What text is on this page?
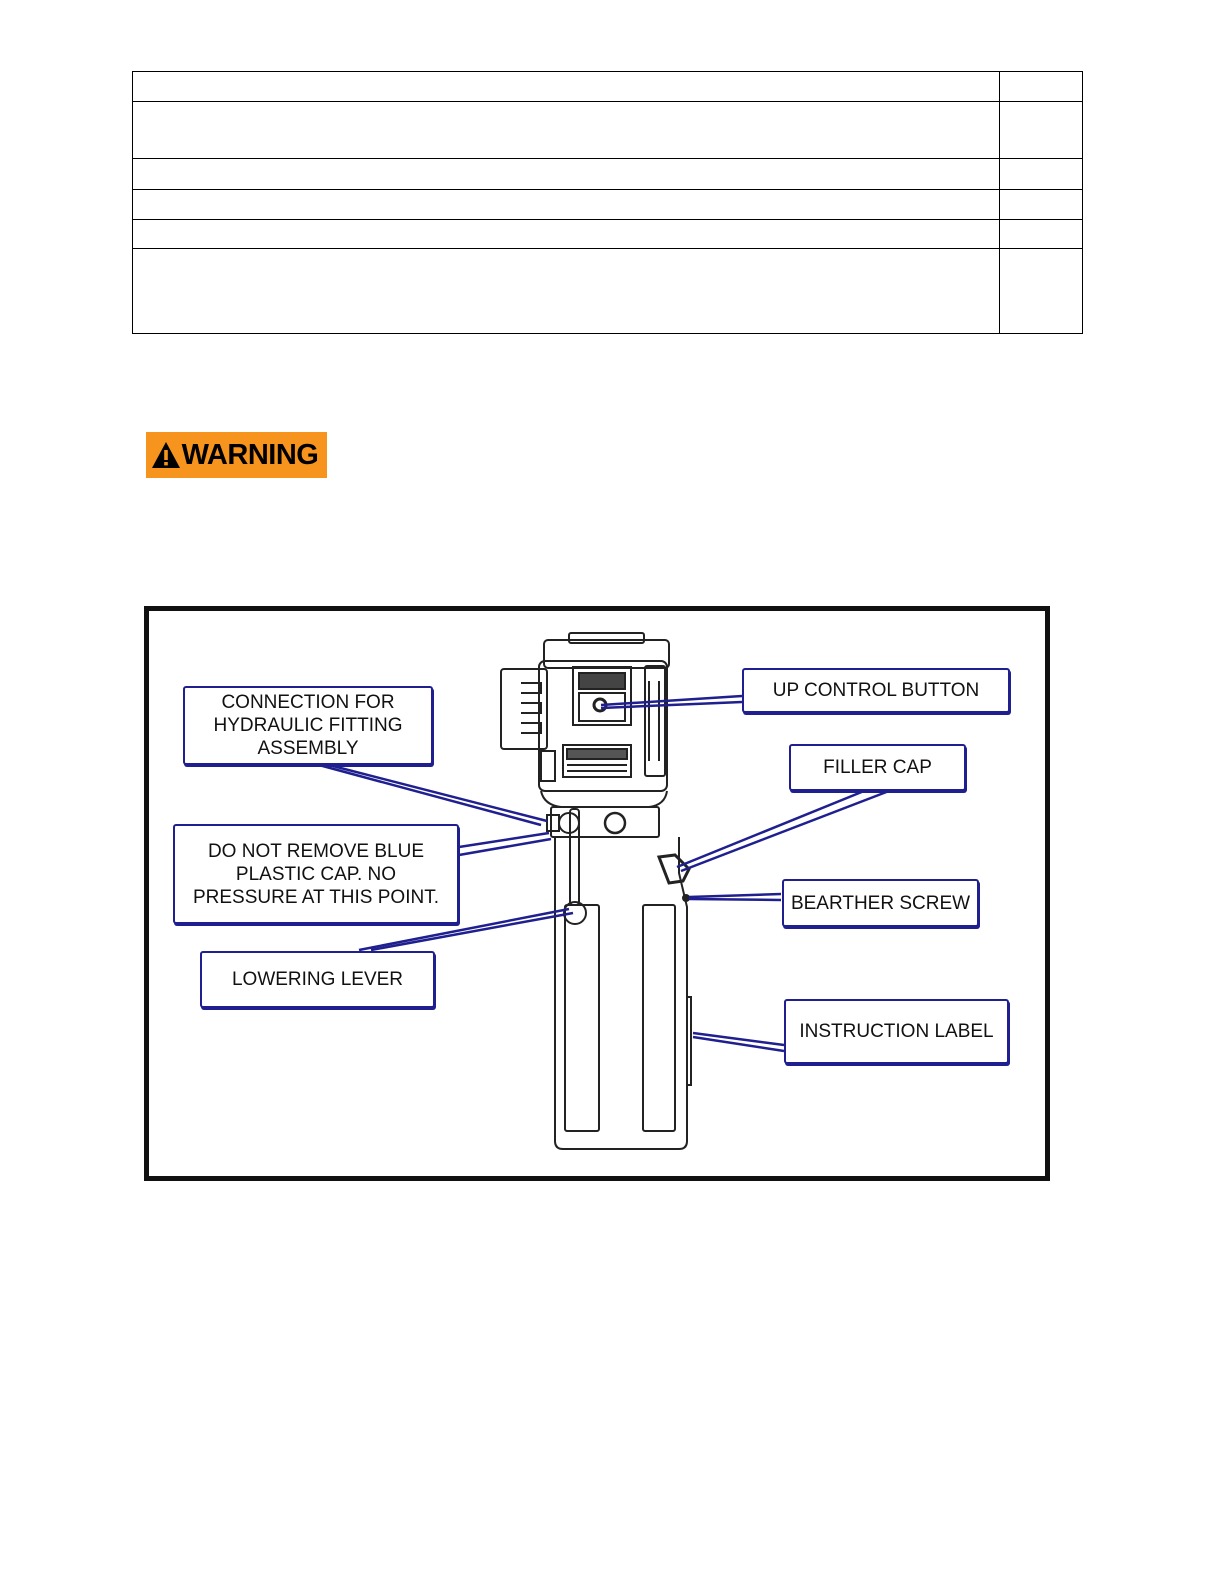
WARNING
CONNECTION FOR
HYDRAULIC FITTING
ASSEMBLY
DO NOT REMOVE BLUE
PLASTIC CAP. NO
PRESSURE AT THIS POINT.
LOWERING LEVER
UP CONTROL BUTTON
FILLER CAP
BEARTHER SCREW
INSTRUCTION LABEL
